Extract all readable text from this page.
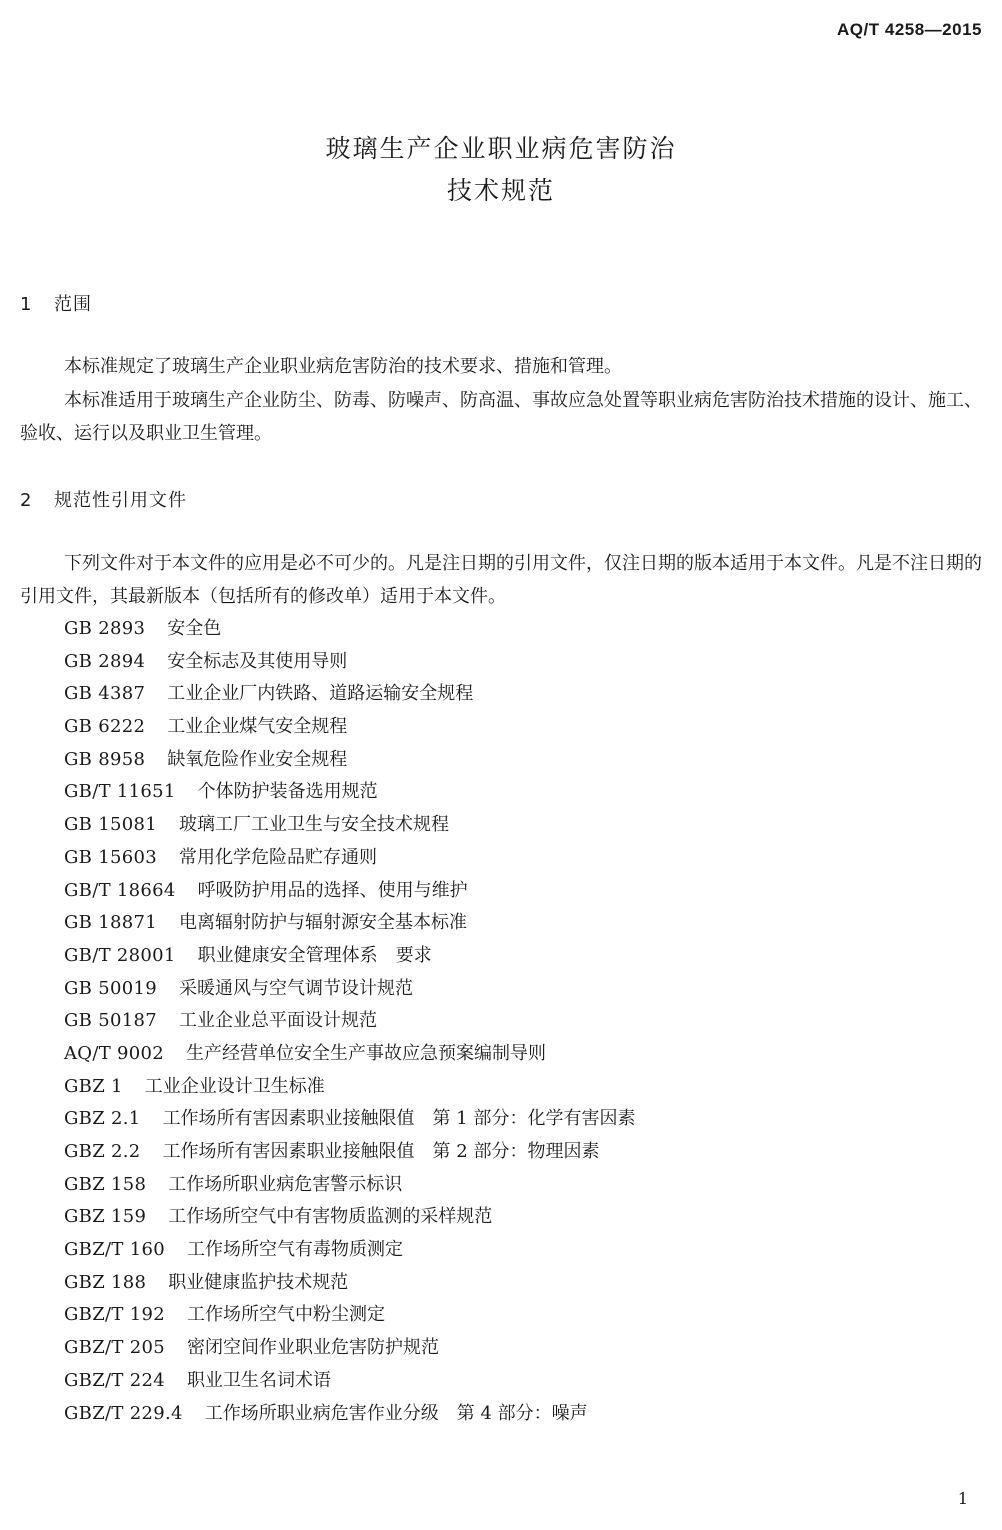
AQ/T 4258—2015
玻璃生产企业职业病危害防治
技术规范
1 范围
本标准规定了玻璃生产企业职业病危害防治的技术要求、措施和管理。
本标准适用于玻璃生产企业防尘、防毒、防噪声、防高温、事故应急处置等职业病危害防治技术措施的设计、施工、验收、运行以及职业卫生管理。
2 规范性引用文件
下列文件对于本文件的应用是必不可少的。凡是注日期的引用文件，仅注日期的版本适用于本文件。凡是不注日期的引用文件，其最新版本（包括所有的修改单）适用于本文件。
GB 2893 安全色
GB 2894 安全标志及其使用导则
GB 4387 工业企业厂内铁路、道路运输安全规程
GB 6222 工业企业煤气安全规程
GB 8958 缺氧危险作业安全规程
GB/T 11651 个体防护装备选用规范
GB 15081 玻璃工厂工业卫生与安全技术规程
GB 15603 常用化学危险品贮存通则
GB/T 18664 呼吸防护用品的选择、使用与维护
GB 18871 电离辐射防护与辐射源安全基本标准
GB/T 28001 职业健康安全管理体系　要求
GB 50019 采暖通风与空气调节设计规范
GB 50187 工业企业总平面设计规范
AQ/T 9002 生产经营单位安全生产事故应急预案编制导则
GBZ 1 工业企业设计卫生标准
GBZ 2.1 工作场所有害因素职业接触限值　第 1 部分：化学有害因素
GBZ 2.2 工作场所有害因素职业接触限值　第 2 部分：物理因素
GBZ 158 工作场所职业病危害警示标识
GBZ 159 工作场所空气中有害物质监测的采样规范
GBZ/T 160 工作场所空气有毒物质测定
GBZ 188 职业健康监护技术规范
GBZ/T 192 工作场所空气中粉尘测定
GBZ/T 205 密闭空间作业职业危害防护规范
GBZ/T 224 职业卫生名词术语
GBZ/T 229.4 工作场所职业病危害作业分级　第 4 部分：噪声
1
